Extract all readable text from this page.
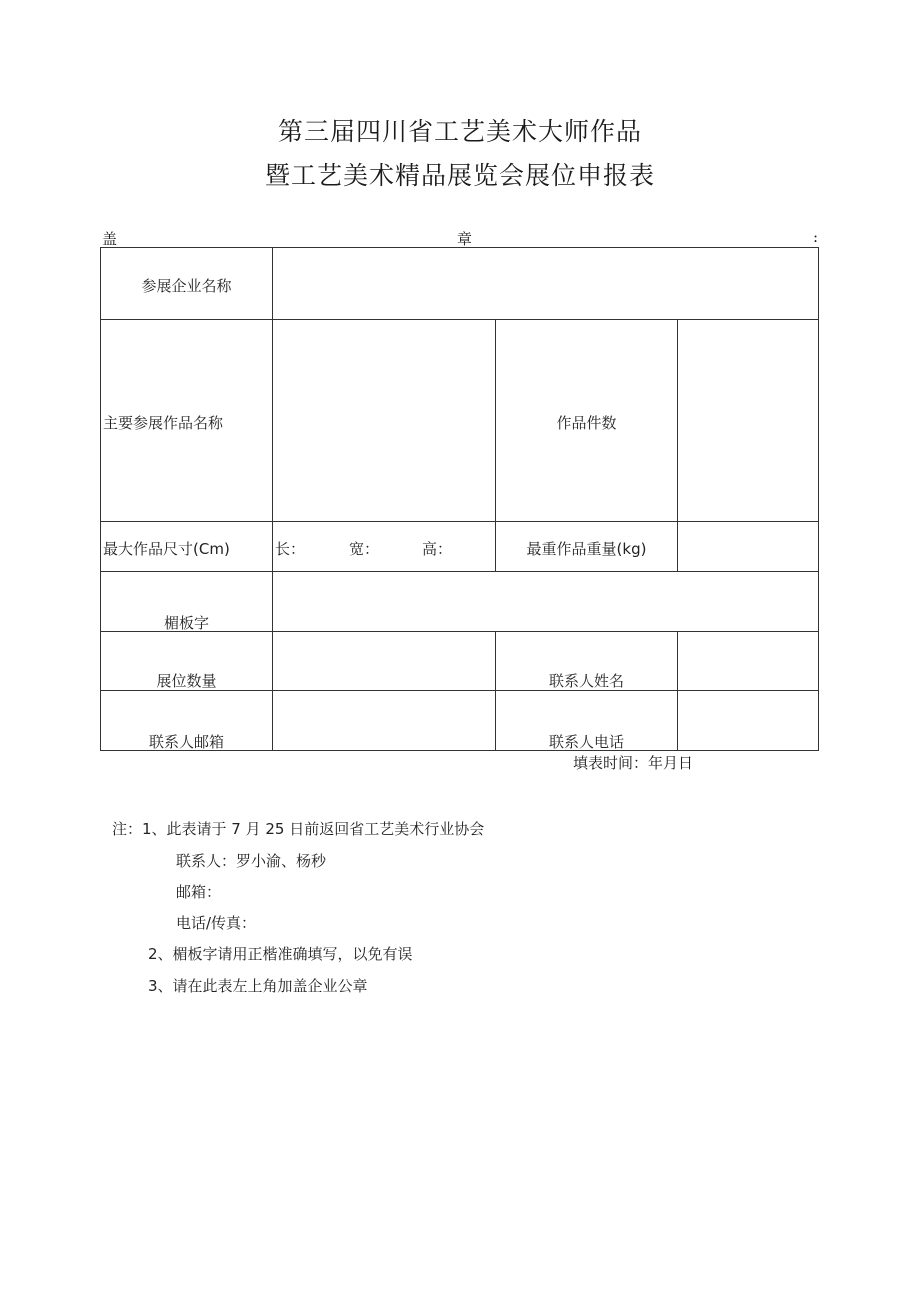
第三届四川省工艺美术大师作品
暨工艺美术精品展览会展位申报表
盖	章	:
参展企业名称
主要参展作品名称	作品件数
最大作品尺寸(Cm)	长：	宽：	高：	最重作品重量(kg)
楣板字
展位数量	联系人姓名
联系人邮箱	联系人电话
填表时间：年月日
注：1、此表请于 7 月 25 日前返回省工艺美术行业协会
联系人：罗小渝、杨秒
邮箱：
电话/传真：
2、楣板字请用正楷准确填写，以免有误
3、请在此表左上角加盖企业公章
